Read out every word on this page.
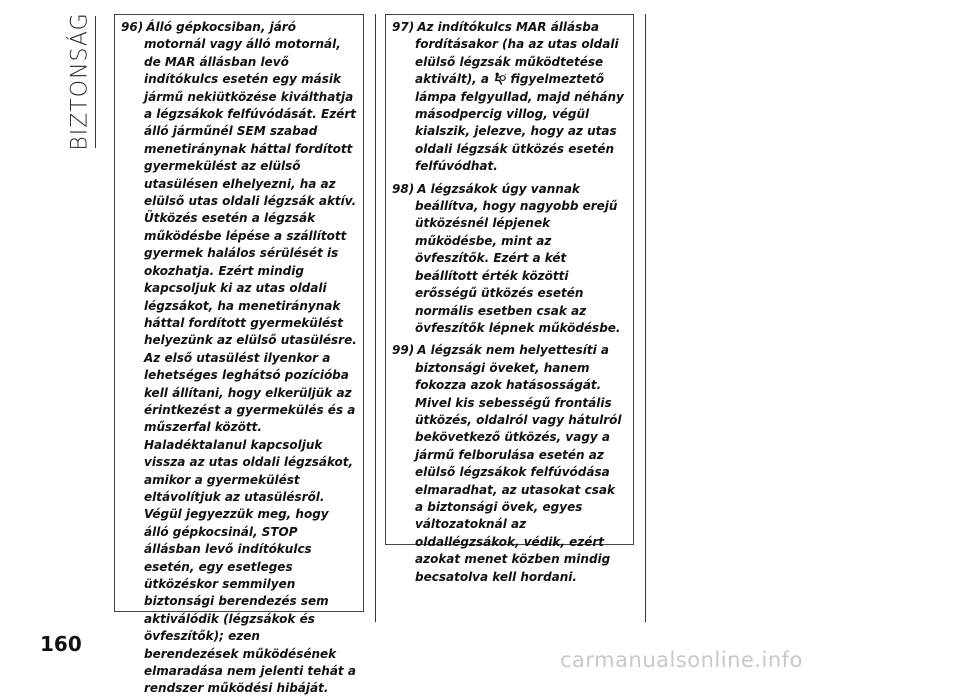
BIZTONSÁG 96) Álló gépkocsiban, járó motornál vagy álló motornál, de MAR állásban levő indítókulcs esetén egy másik jármű nekiütközése kiválthatja a légzsákok felfúvódását. Ezért álló járműnél SEM szabad menetiránynak háttal fordított gyermekülést az elülső utasülésen elhelyezni, ha az elülső utas oldali légzsák aktív. Ütközés esetén a légzsák működésbe lépése a szállított gyermek halálos sérülését is okozhatja. Ezért mindig kapcsoljuk ki az utas oldali légzsákot, ha menetiránynak háttal fordított gyermekülést helyezünk az elülső utasülésre. Az első utasülést ilyenkor a lehetséges leghátsó pozícióba kell állítani, hogy elkerüljük az érintkezést a gyermekülés és a műszerfal között. Haladéktalanul kapcsoljuk vissza az utas oldali légzsákot, amikor a gyermekülést eltávolítjuk az utasülésről. Végül jegyezzük meg, hogy álló gépkocsinál, STOP állásban levő indítókulcs esetén, egy esetleges ütközéskor semmilyen biztonsági berendezés sem aktiválódik (légzsákok és övfeszítők); ezen berendezések működésének elmaradása nem jelenti tehát a rendszer működési hibáját.

97) Az indítókulcs MAR állásba fordításakor (ha az utas oldali elülső légzsák működtetése aktivált), a figyelmeztető lámpa felgyullad, majd néhány másodpercig villog, végül kialszik, jelezve, hogy az utas oldali légzsák ütközés esetén felfúvódhat.

98) A légzsákok úgy vannak beállítva, hogy nagyobb erejű ütközésnél lépjenek működésbe, mint az övfeszítők. Ezért a két beállított érték közötti erősségű ütközés esetén normális esetben csak az övfeszítők lépnek működésbe.

99) A légzsák nem helyettesíti a biztonsági öveket, hanem fokozza azok hatásosságát. Mivel kis sebességű frontális ütközés, oldalról vagy hátulról bekövetkező ütközés, vagy a jármű felborulása esetén az elülső légzsákok felfúvódása elmaradhat, az utasokat csak a biztonsági övek, egyes változatoknál az oldallégzsákok, védik, ezért azokat menet közben mindig becsatolva kell hordani.

160
carmanualsonline.info
